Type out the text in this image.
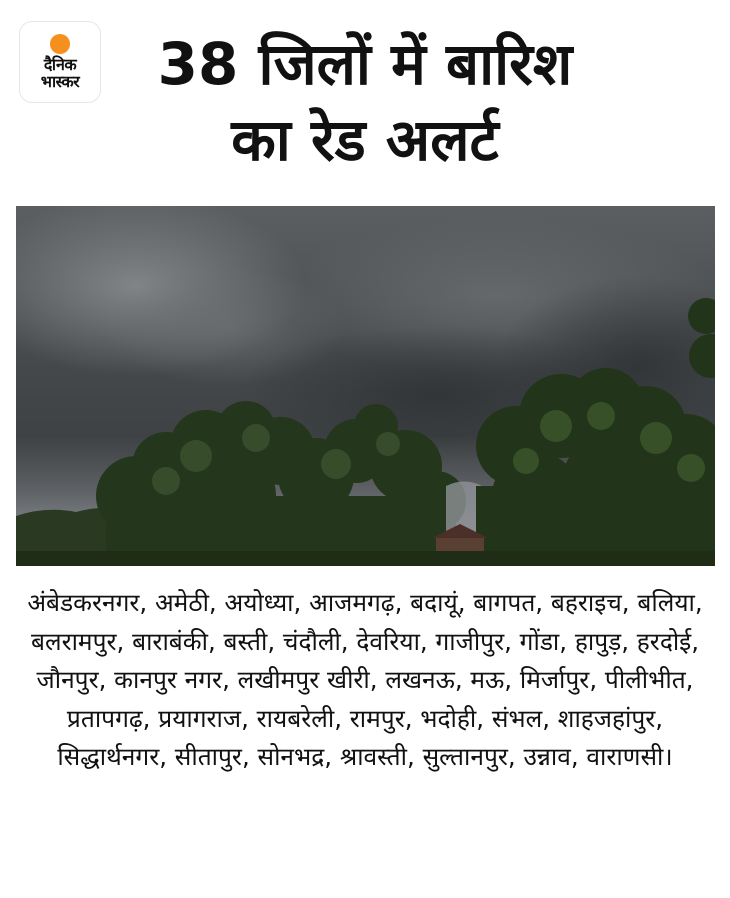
दैनिक
भास्कर	38 जिलों में बारिश
का रेड अलर्ट
अंबेडकरनगर, अमेठी, अयोध्या, आजमगढ़, बदायूं, बागपत, बहराइच, बलिया, बलरामपुर, बाराबंकी, बस्ती, चंदौली, देवरिया, गाजीपुर, गोंडा, हापुड़, हरदोई, जौनपुर, कानपुर नगर, लखीमपुर खीरी, लखनऊ, मऊ, मिर्जापुर, पीलीभीत, प्रतापगढ़, प्रयागराज, रायबरेली, रामपुर, भदोही, संभल, शाहजहांपुर, सिद्धार्थनगर, सीतापुर, सोनभद्र, श्रावस्ती, सुल्तानपुर, उन्नाव, वाराणसी।
